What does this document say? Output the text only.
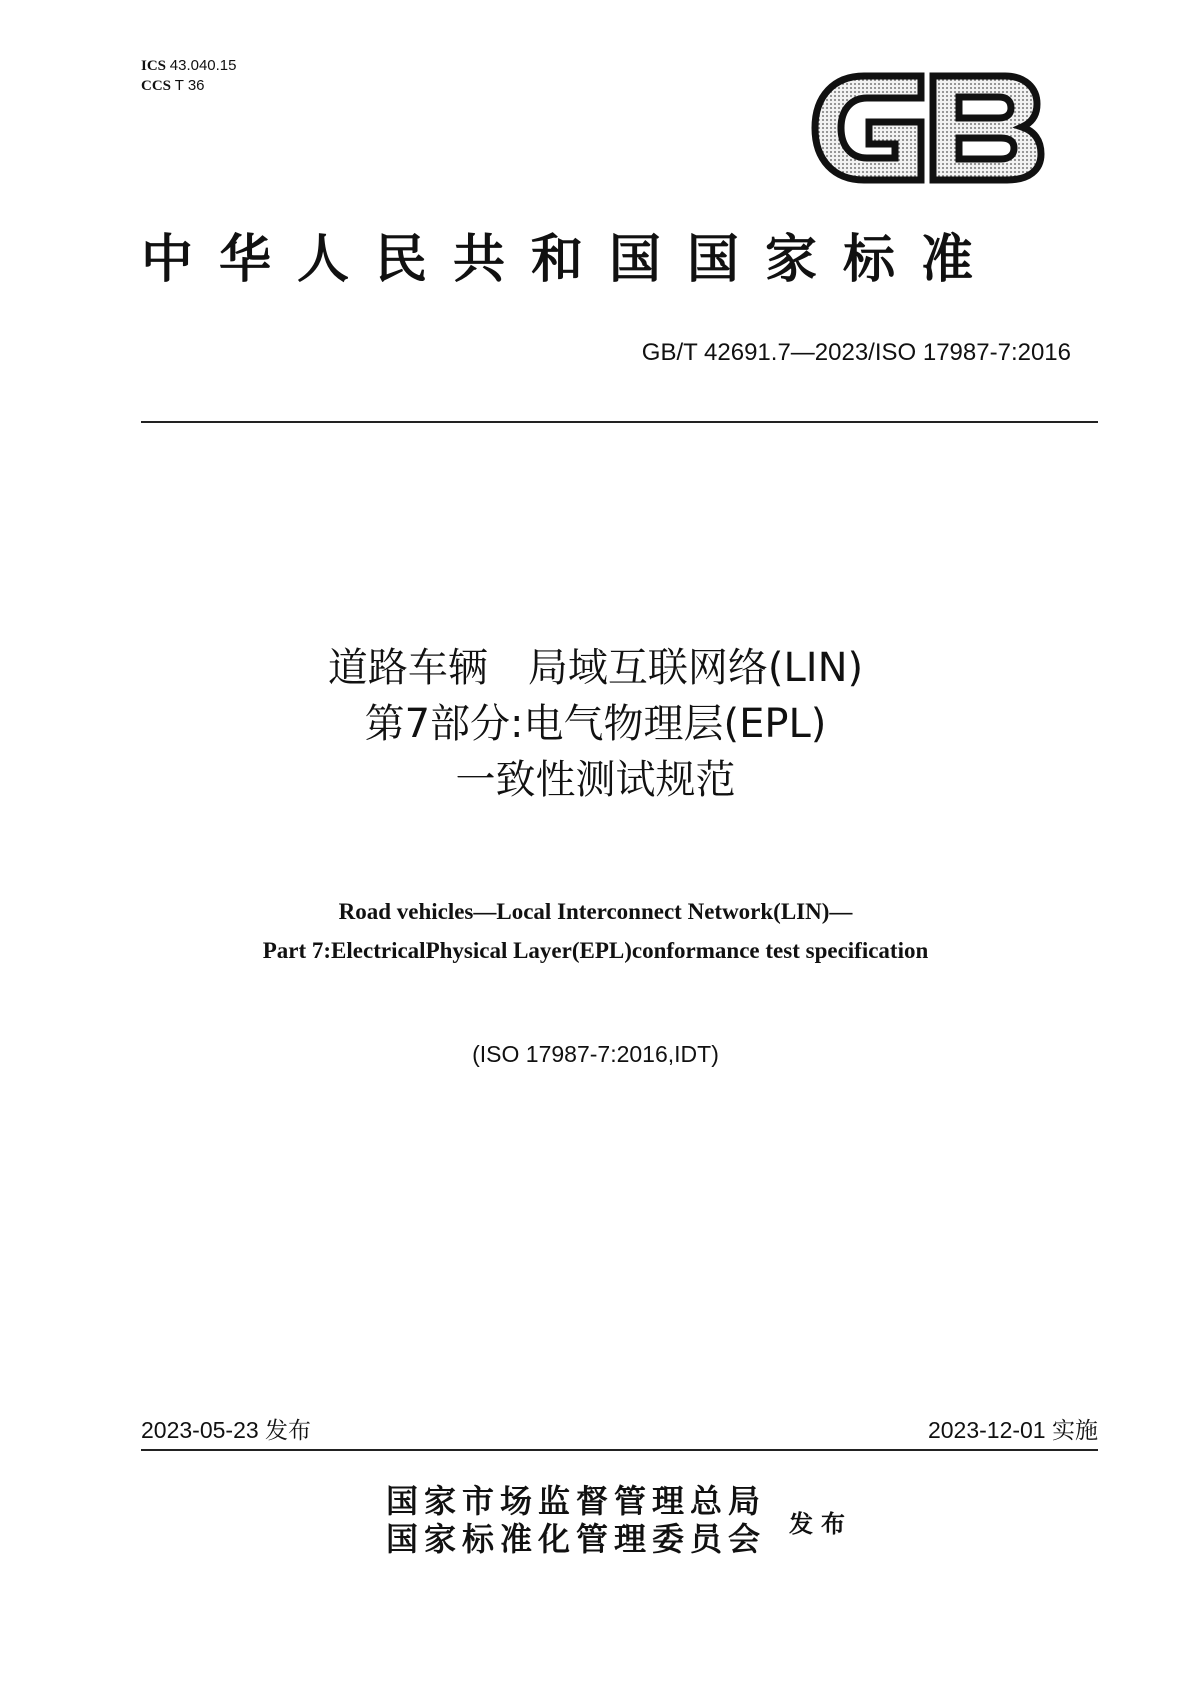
ICS 43.040.15
CCS T 36
中华人民共和国国家标准
GB/T 42691.7—2023/ISO 17987-7:2016
道路车辆　局域互联网络(LIN)
第7部分:电气物理层(EPL)
一致性测试规范
Road vehicles—Local Interconnect Network(LIN)—
Part 7:ElectricalPhysical Layer(EPL)conformance test specification
(ISO 17987-7:2016,IDT)
2023-05-23 发布	2023-12-01 实施
国家市场监督管理总局
国家标准化管理委员会 发布
